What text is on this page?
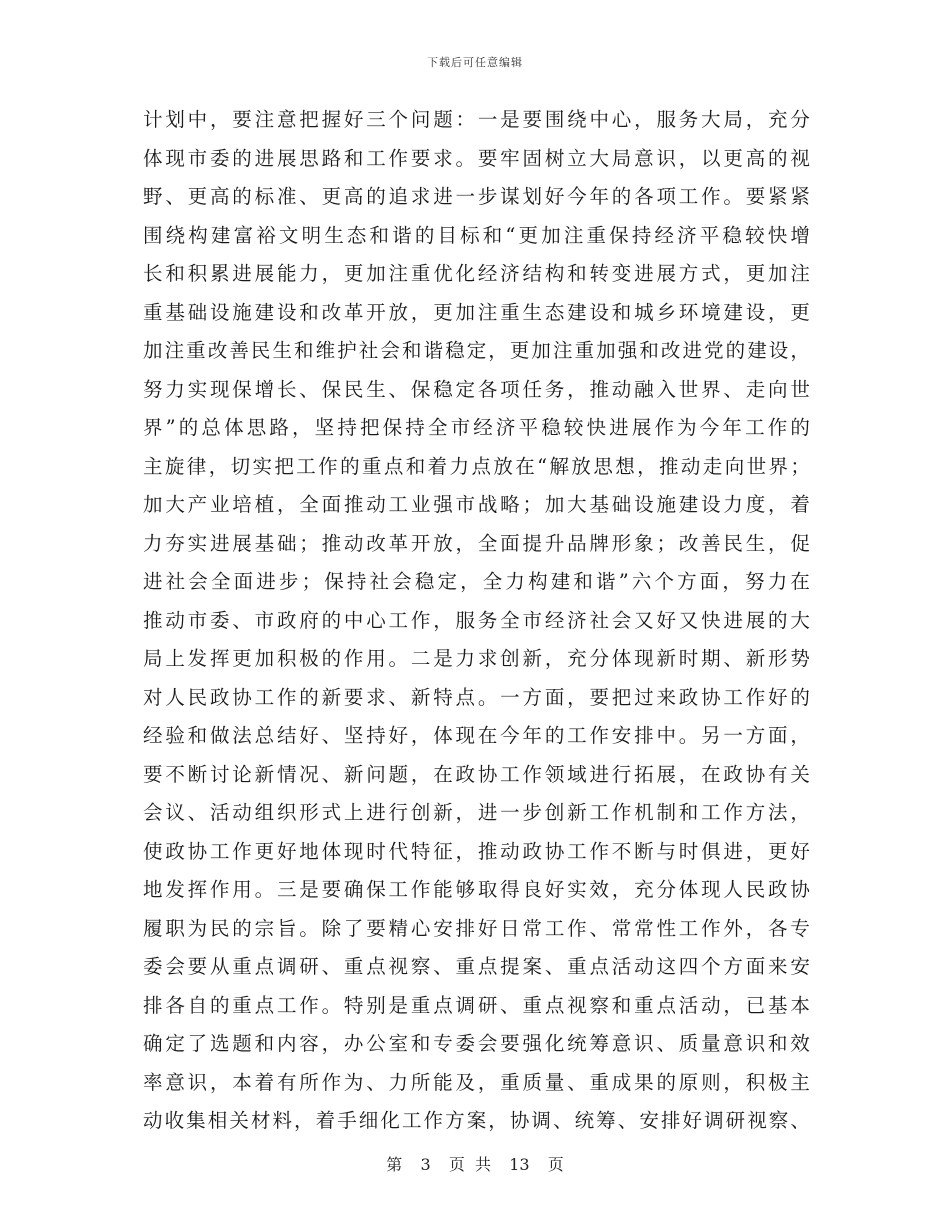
下载后可任意编辑
计划中，要注意把握好三个问题：一是要围绕中心，服务大局，充分
体现市委的进展思路和工作要求。要牢固树立大局意识，以更高的视
野、更高的标准、更高的追求进一步谋划好今年的各项工作。要紧紧
围绕构建富裕文明生态和谐的目标和“更加注重保持经济平稳较快增
长和积累进展能力，更加注重优化经济结构和转变进展方式，更加注
重基础设施建设和改革开放，更加注重生态建设和城乡环境建设，更
加注重改善民生和维护社会和谐稳定，更加注重加强和改进党的建设，
努力实现保增长、保民生、保稳定各项任务，推动融入世界、走向世
界”的总体思路，坚持把保持全市经济平稳较快进展作为今年工作的
主旋律，切实把工作的重点和着力点放在“解放思想，推动走向世界；
加大产业培植，全面推动工业强市战略；加大基础设施建设力度，着
力夯实进展基础；推动改革开放，全面提升品牌形象；改善民生，促
进社会全面进步；保持社会稳定，全力构建和谐”六个方面，努力在
推动市委、市政府的中心工作，服务全市经济社会又好又快进展的大
局上发挥更加积极的作用。二是力求创新，充分体现新时期、新形势
对人民政协工作的新要求、新特点。一方面，要把过来政协工作好的
经验和做法总结好、坚持好，体现在今年的工作安排中。另一方面，
要不断讨论新情况、新问题，在政协工作领域进行拓展，在政协有关
会议、活动组织形式上进行创新，进一步创新工作机制和工作方法，
使政协工作更好地体现时代特征，推动政协工作不断与时俱进，更好
地发挥作用。三是要确保工作能够取得良好实效，充分体现人民政协
履职为民的宗旨。除了要精心安排好日常工作、常常性工作外，各专
委会要从重点调研、重点视察、重点提案、重点活动这四个方面来安
排各自的重点工作。特别是重点调研、重点视察和重点活动，已基本
确定了选题和内容，办公室和专委会要强化统筹意识、质量意识和效
率意识，本着有所作为、力所能及，重质量、重成果的原则，积极主
动收集相关材料，着手细化工作方案，协调、统筹、安排好调研视察、
第 3 页  共 13 页
